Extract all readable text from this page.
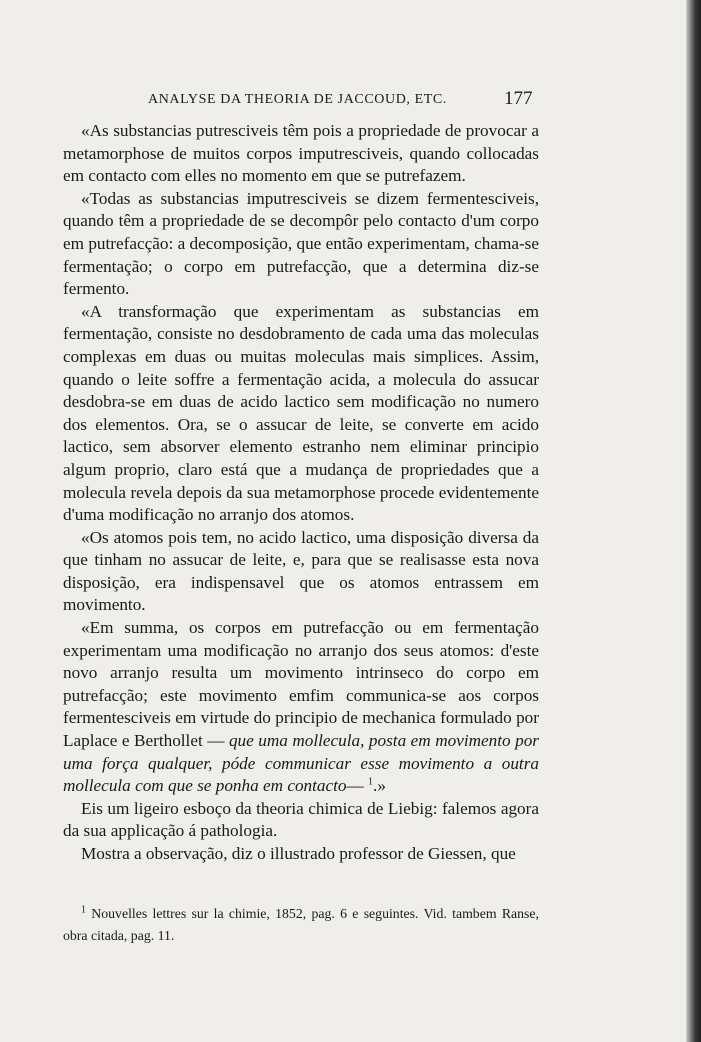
ANALYSE DA THEORIA DE JACCOUD, ETC.	177

«As substancias putresciveis têm pois a propriedade de provocar a metamorphose de muitos corpos imputresciveis, quando collocadas em contacto com elles no momento em que se putrefazem.

«Todas as substancias imputresciveis se dizem fermentesciveis, quando têm a propriedade de se decompôr pelo contacto d'um corpo em putrefacção: a decomposição, que então experimentam, chama-se fermentação; o corpo em putrefacção, que a determina diz-se fermento.

«A transformação que experimentam as substancias em fermentação, consiste no desdobramento de cada uma das moleculas complexas em duas ou muitas moleculas mais simplices. Assim, quando o leite soffre a fermentação acida, a molecula do assucar desdobra-se em duas de acido lactico sem modificação no numero dos elementos. Ora, se o assucar de leite, se converte em acido lactico, sem absorver elemento estranho nem eliminar principio algum proprio, claro está que a mudança de propriedades que a molecula revela depois da sua metamorphose procede evidentemente d'uma modificação no arranjo dos atomos.

«Os atomos pois tem, no acido lactico, uma disposição diversa da que tinham no assucar de leite, e, para que se realisasse esta nova disposição, era indispensavel que os atomos entrassem em movimento.

«Em summa, os corpos em putrefacção ou em fermentação experimentam uma modificação no arranjo dos seus atomos: d'este novo arranjo resulta um movimento intrinseco do corpo em putrefacção; este movimento emfim communica-se aos corpos fermentesciveis em virtude do principio de mechanica formulado por Laplace e Berthollet — que uma mollecula, posta em movimento por uma força qualquer, póde communicar esse movimento a outra mollecula com que se ponha em contacto— $^1$.»

Eis um ligeiro esboço da theoria chimica de Liebig: falemos agora da sua applicação á pathologia.

Mostra a observação, diz o illustrado professor de Giessen, que

$^1$ Nouvelles lettres sur la chimie, 1852, pag. 6 e seguintes. Vid. tambem Ranse, obra citada, pag. 11.
